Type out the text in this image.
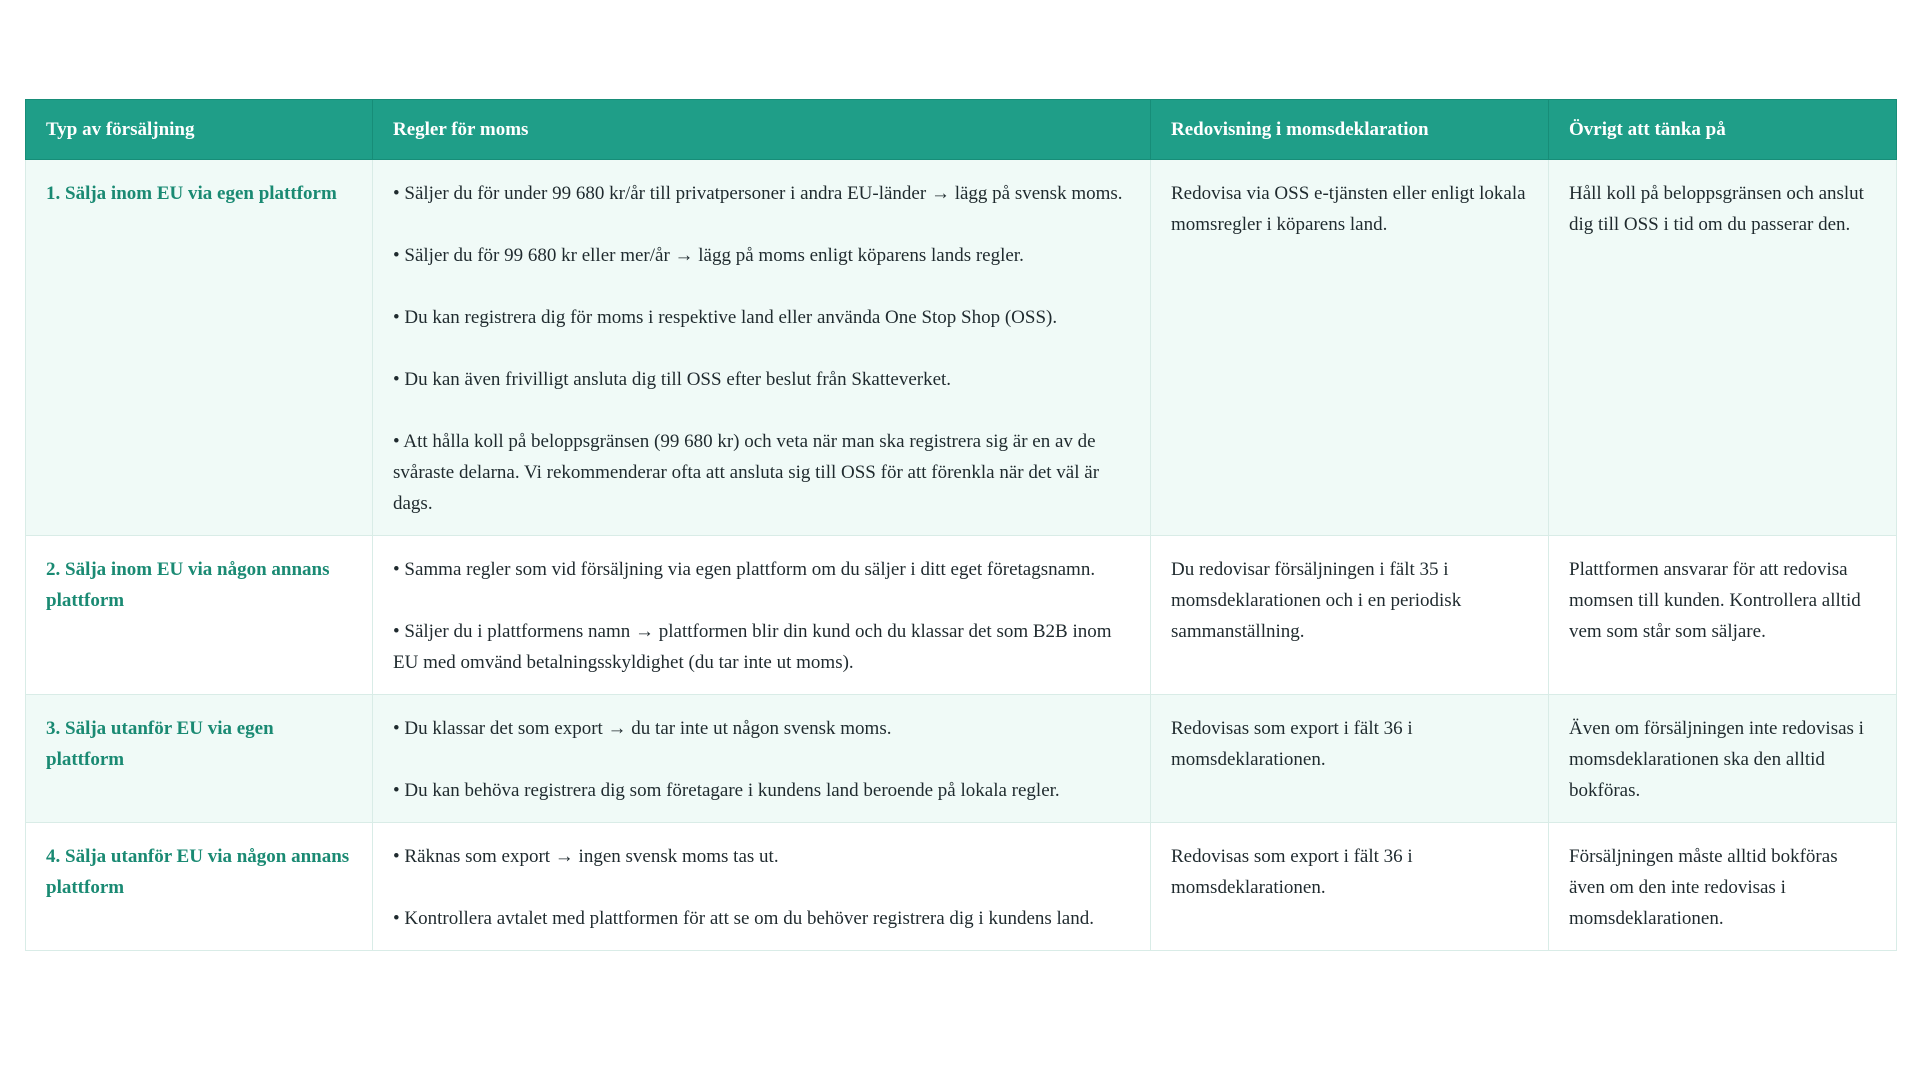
Typ av försäljning	Regler för moms	Redovisning i momsdeklaration	Övrigt att tänka på
1. Sälja inom EU via egen plattform	• Säljer du för under 99 680 kr/år till privatpersoner i andra EU-länder → lägg på svensk moms.
• Säljer du för 99 680 kr eller mer/år → lägg på moms enligt köparens lands regler.
• Du kan registrera dig för moms i respektive land eller använda One Stop Shop (OSS).
• Du kan även frivilligt ansluta dig till OSS efter beslut från Skatteverket.
• Att hålla koll på beloppsgränsen (99 680 kr) och veta när man ska registrera sig är en av de svåraste delarna. Vi rekommenderar ofta att ansluta sig till OSS för att förenkla när det väl är dags.	Redovisa via OSS e-tjänsten eller enligt lokala momsregler i köparens land.	Håll koll på beloppsgränsen och anslut dig till OSS i tid om du passerar den.
2. Sälja inom EU via någon annans plattform	• Samma regler som vid försäljning via egen plattform om du säljer i ditt eget företagsnamn.
• Säljer du i plattformens namn → plattformen blir din kund och du klassar det som B2B inom EU med omvänd betalningsskyldighet (du tar inte ut moms).	Du redovisar försäljningen i fält 35 i momsdeklarationen och i en periodisk sammanställning.	Plattformen ansvarar för att redovisa momsen till kunden. Kontrollera alltid vem som står som säljare.
3. Sälja utanför EU via egen plattform	• Du klassar det som export → du tar inte ut någon svensk moms.
• Du kan behöva registrera dig som företagare i kundens land beroende på lokala regler.	Redovisas som export i fält 36 i momsdeklarationen.	Även om försäljningen inte redovisas i momsdeklarationen ska den alltid bokföras.
4. Sälja utanför EU via någon annans plattform	• Räknas som export → ingen svensk moms tas ut.
• Kontrollera avtalet med plattformen för att se om du behöver registrera dig i kundens land.	Redovisas som export i fält 36 i momsdeklarationen.	Försäljningen måste alltid bokföras även om den inte redovisas i momsdeklarationen.
